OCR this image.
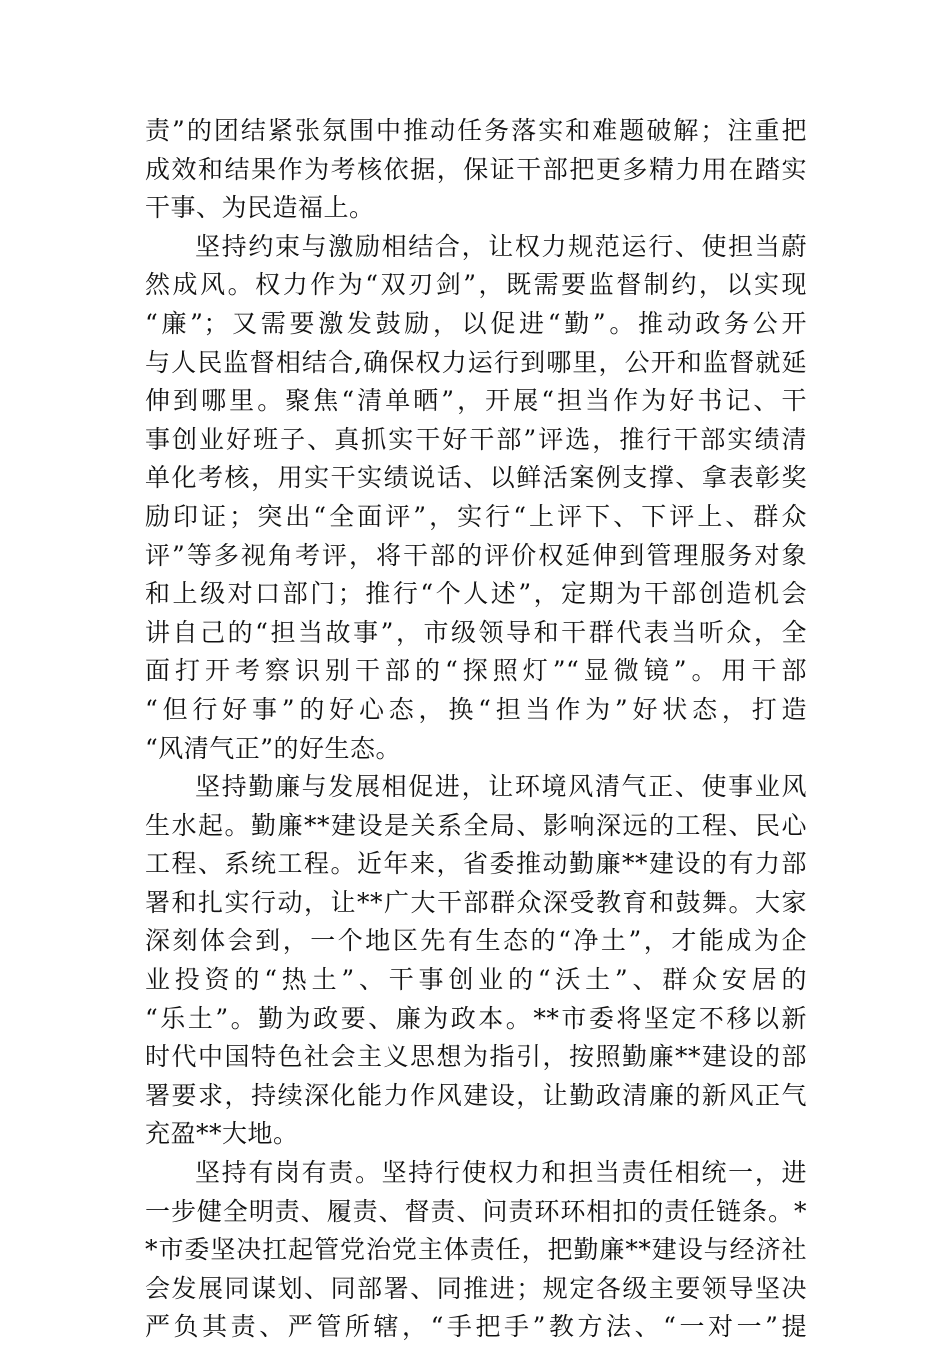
责”的团结紧张氛围中推动任务落实和难题破解；注重把
成效和结果作为考核依据，保证干部把更多精力用在踏实
干事、为民造福上。
坚持约束与激励相结合，让权力规范运行、使担当蔚
然成风。权力作为“双刃剑”，既需要监督制约，以实现
“廉”；又需要激发鼓励，以促进“勤”。推动政务公开
与人民监督相结合,确保权力运行到哪里，公开和监督就延
伸到哪里。聚焦“清单晒”，开展“担当作为好书记、干
事创业好班子、真抓实干好干部”评选，推行干部实绩清
单化考核，用实干实绩说话、以鲜活案例支撑、拿表彰奖
励印证；突出“全面评”，实行“上评下、下评上、群众
评”等多视角考评，将干部的评价权延伸到管理服务对象
和上级对口部门；推行“个人述”，定期为干部创造机会
讲自己的“担当故事”，市级领导和干群代表当听众，全
面打开考察识别干部的“探照灯”“显微镜”。用干部
“但行好事”的好心态，换“担当作为”好状态，打造
“风清气正”的好生态。
坚持勤廉与发展相促进，让环境风清气正、使事业风
生水起。勤廉**建设是关系全局、影响深远的工程、民心
工程、系统工程。近年来，省委推动勤廉**建设的有力部
署和扎实行动，让**广大干部群众深受教育和鼓舞。大家
深刻体会到，一个地区先有生态的“净土”，才能成为企
业投资的“热土”、干事创业的“沃土”、群众安居的
“乐土”。勤为政要、廉为政本。**市委将坚定不移以新
时代中国特色社会主义思想为指引，按照勤廉**建设的部
署要求，持续深化能力作风建设，让勤政清廉的新风正气
充盈**大地。
坚持有岗有责。坚持行使权力和担当责任相统一，进
一步健全明责、履责、督责、问责环环相扣的责任链条。*
*市委坚决扛起管党治党主体责任，把勤廉**建设与经济社
会发展同谋划、同部署、同推进；规定各级主要领导坚决
严负其责、严管所辖，“手把手”教方法、“一对一”提
